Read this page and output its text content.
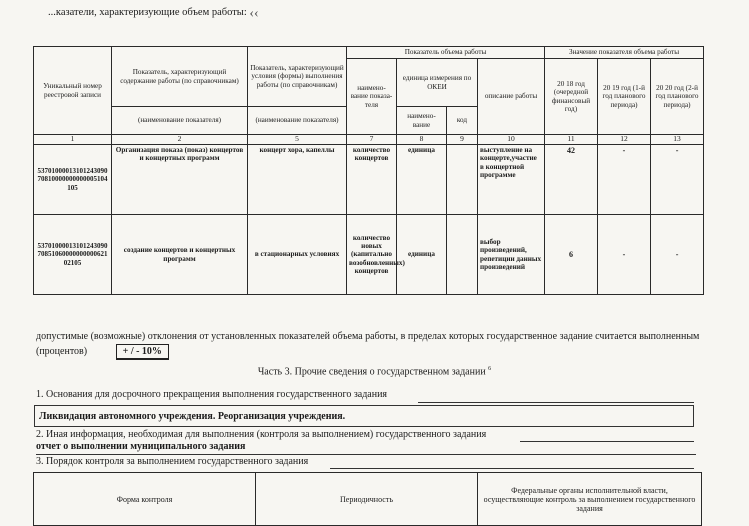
...казатели, характеризующие объем работы: ‹‹
Уникальный номер реестровой записи	Показатель, характеризующий содержание работы (по справочникам)	Показатель, характеризующий условия (формы) выполнения работы (по справочникам)	Показатель объема работы				Значение показателя объема работы		
			наимено-вание показа-теля	единица измерения по ОКЕИ		описание работы	20 18 год (очередной финансовый год)	20 19 год (1-й год планового периода)	20 20 год (2-й год планового периода)
	(наименование показателя)	(наименование показателя)		наимено-вание	код				
1	2	5	7	8	9	10	11	12	13
5370100001310124309070810000000000005104105	Организация показа (показ) концертов и концертных программ	концерт хора, капеллы	количество концертов	единица		выступление на концерте,участие в концертной программе	42	-	-
537010000131012430907085106000000000062102105	создание концертов и концертных программ	в стационарных условиях	количество новых (капитально возобновленных) концертов	единица		выбор произведений, репетиции данных произведений	6	-	-
допустимые (возможные) отклонения от установленных показателей объема работы, в пределах которых государственное задание считается выполненным (процентов)	+ / - 10%
Часть 3. Прочие сведения о государственном задании $^6$
1. Основания для досрочного прекращения выполнения государственного задания
Ликвидация автономного учреждения. Реорганизация учреждения.
2. Иная информация, необходимая для выполнения (контроля за выполнением) государственного задания
отчет о выполнении муниципального задания
3. Порядок контроля за выполнением государственного задания
Форма контроля	Периодичность	Федеральные органы исполнительной власти, осуществляющие контроль за выполнением государственного задания
